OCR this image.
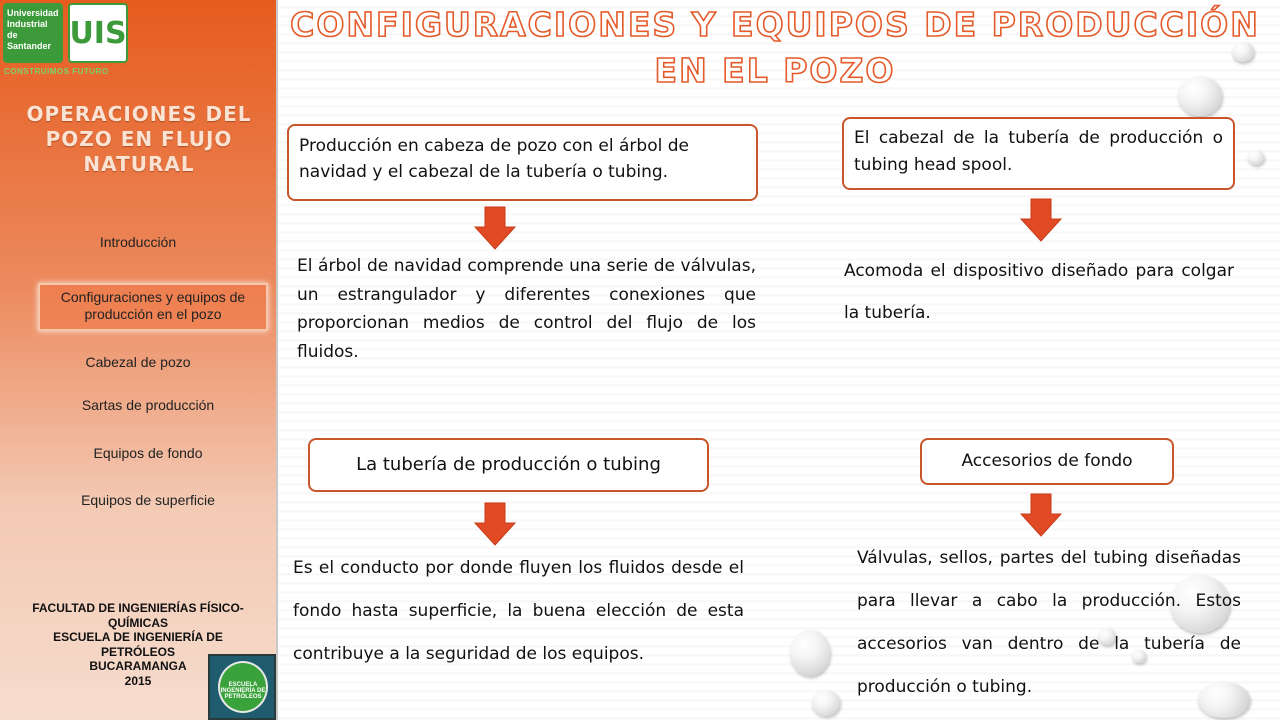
Universidad Industrial de Santander UIS
CONSTRUIMOS FUTURO
OPERACIONES DEL POZO EN FLUJO NATURAL
Introducción
Configuraciones y equipos de producción en el pozo
Cabezal de pozo
Sartas de producción
Equipos de fondo
Equipos de superficie
FACULTAD DE INGENIERÍAS FÍSICO-QUÍMICAS
ESCUELA DE INGENIERÍA DE PETRÓLEOS
BUCARAMANGA
2015	ESCUELA INGENIERÍA DE PETRÓLEOS
CONFIGURACIONES Y EQUIPOS DE PRODUCCIÓN EN EL POZO
Producción en cabeza de pozo con el árbol de navidad y el cabezal de la tubería o tubing.
El árbol de navidad comprende una serie de válvulas, un estrangulador y diferentes conexiones que proporcionan medios de control del flujo de los fluidos.
El cabezal de la tubería de producción o tubing head spool.
Acomoda el dispositivo diseñado para colgar la tubería.
La tubería de producción o tubing
Es el conducto por donde fluyen los fluidos desde el fondo hasta superficie, la buena elección de esta contribuye a la seguridad de los equipos.
Accesorios de fondo
Válvulas, sellos, partes del tubing diseñadas para llevar a cabo la producción. Estos accesorios van dentro de la tubería de producción o tubing.
